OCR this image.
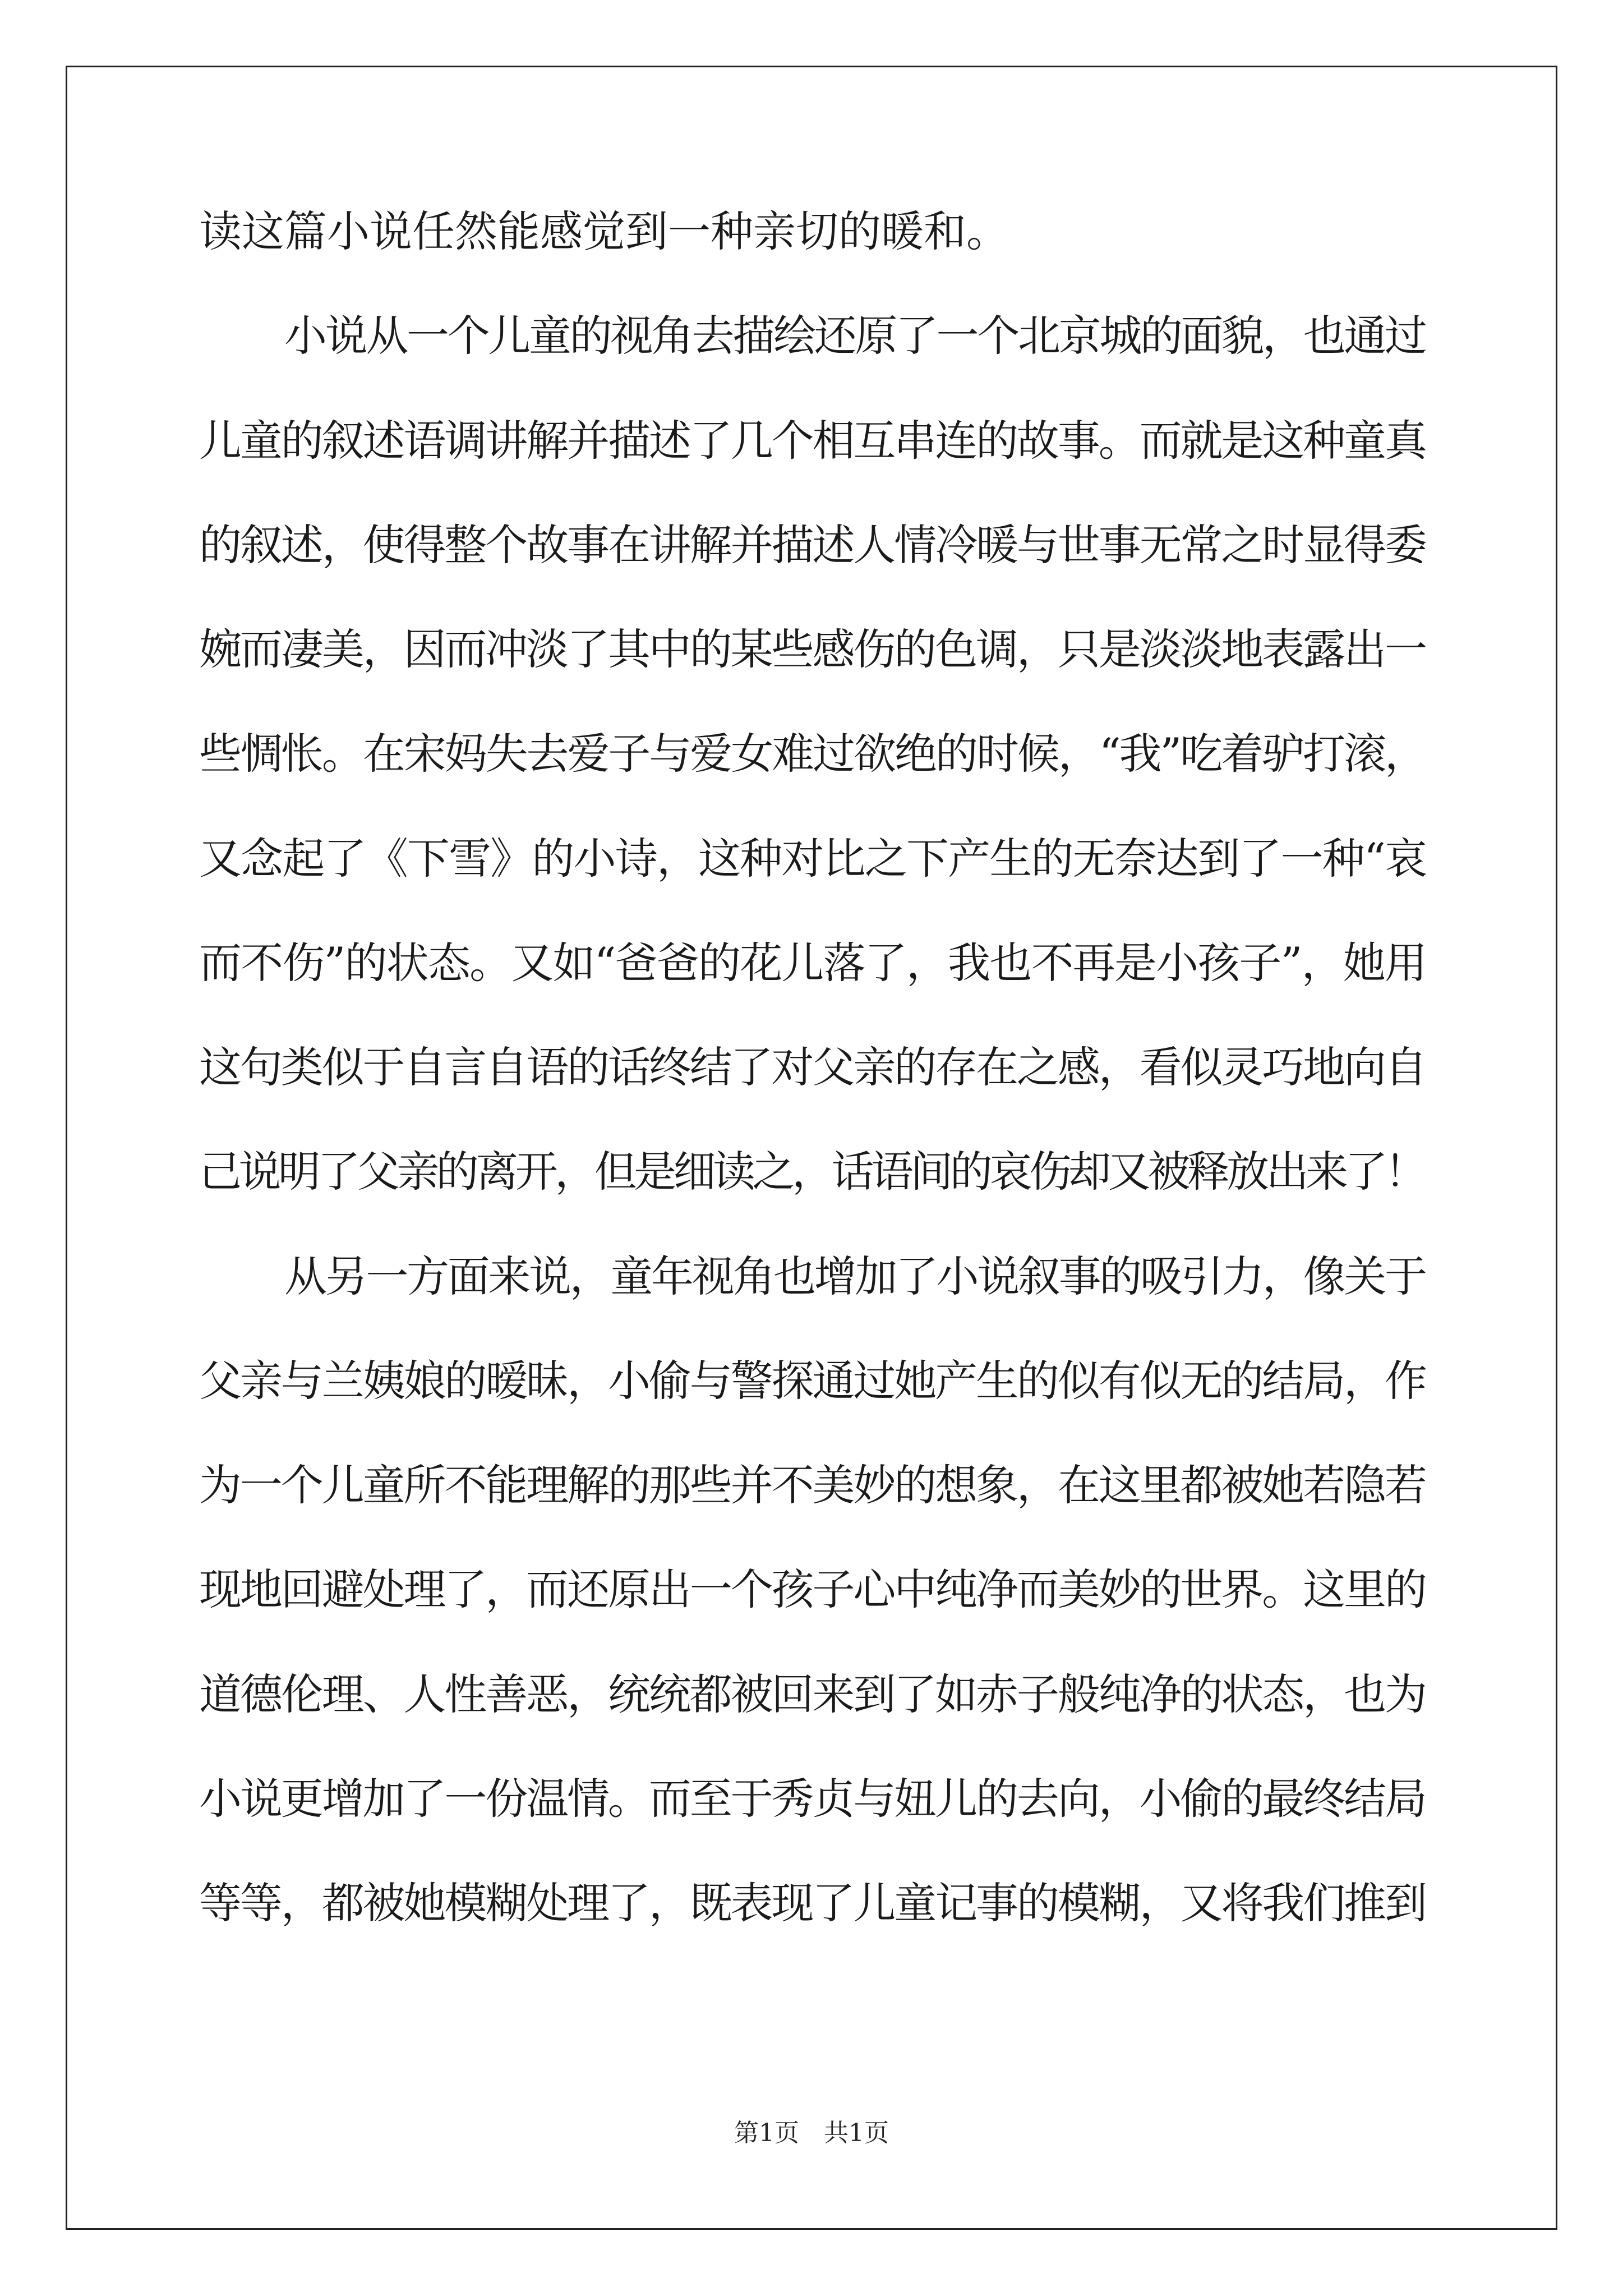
读这篇小说任然能感觉到一种亲切的暖和。
小说从一个儿童的视角去描绘还原了一个北京城的面貌，也通过
儿童的叙述语调讲解并描述了几个相互串连的故事。而就是这种童真
的叙述，使得整个故事在讲解并描述人情冷暖与世事无常之时显得委
婉而凄美，因而冲淡了其中的某些感伤的色调，只是淡淡地表露出一
些惆怅。在宋妈失去爱子与爱女难过欲绝的时候，“我”吃着驴打滚，
又念起了《下雪》的小诗，这种对比之下产生的无奈达到了一种“哀
而不伤”的状态。又如“爸爸的花儿落了，我也不再是小孩子”，她用
这句类似于自言自语的话终结了对父亲的存在之感，看似灵巧地向自
己说明了父亲的离开，但是细读之，话语间的哀伤却又被释放出来了！
从另一方面来说，童年视角也增加了小说叙事的吸引力，像关于
父亲与兰姨娘的暧昧，小偷与警探通过她产生的似有似无的结局，作
为一个儿童所不能理解的那些并不美妙的想象，在这里都被她若隐若
现地回避处理了，而还原出一个孩子心中纯净而美妙的世界。这里的
道德伦理、人性善恶，统统都被回来到了如赤子般纯净的状态，也为
小说更增加了一份温情。而至于秀贞与妞儿的去向，小偷的最终结局
等等，都被她模糊处理了，既表现了儿童记事的模糊，又将我们推到
第1页　共1页
